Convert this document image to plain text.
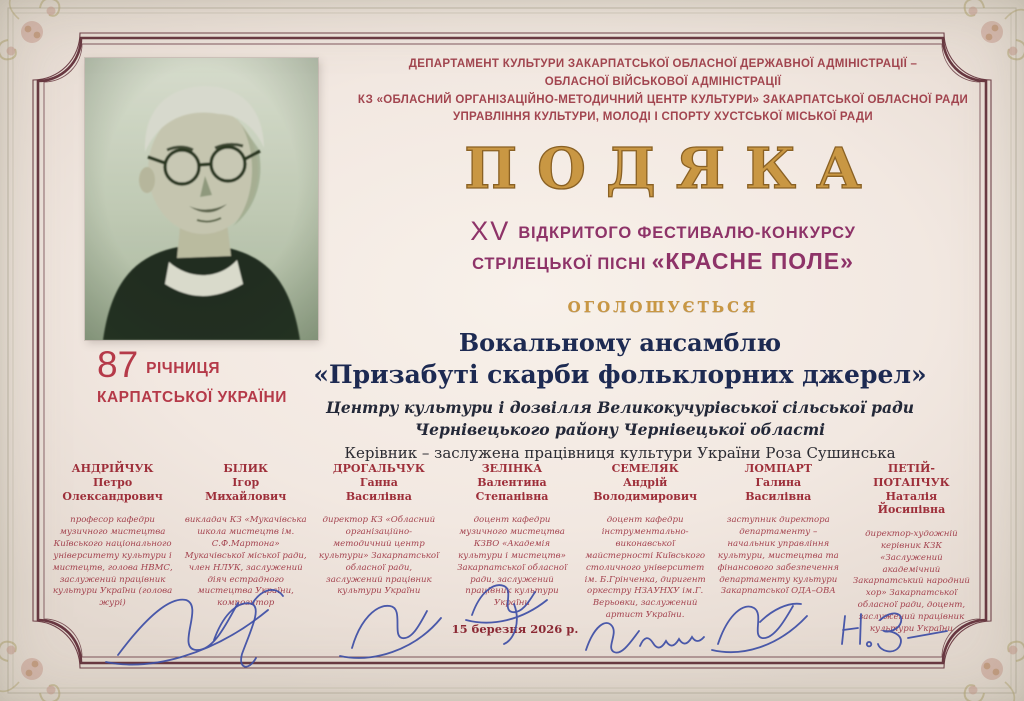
ДЕПАРТАМЕНТ КУЛЬТУРИ ЗАКАРПАТСЬКОЇ ОБЛАСНОЇ ДЕРЖАВНОЇ АДМІНІСТРАЦІЇ –
ОБЛАСНОЇ ВІЙСЬКОВОЇ АДМІНІСТРАЦІЇ
КЗ «ОБЛАСНИЙ ОРГАНІЗАЦІЙНО-МЕТОДИЧНИЙ ЦЕНТР КУЛЬТУРИ» ЗАКАРПАТСЬКОЇ ОБЛАСНОЇ РАДИ
УПРАВЛІННЯ КУЛЬТУРИ, МОЛОДІ І СПОРТУ ХУСТСЬКОЇ МІСЬКОЇ РАДИ
ПОДЯКА
XV ВІДКРИТОГО ФЕСТИВАЛЮ-КОНКУРСУ
СТРІЛЕЦЬКОЇ ПІСНІ «КРАСНЕ ПОЛЕ»
ОГОЛОШУЄТЬСЯ
Вокальному ансамблю
«Призабуті скарби фольклорних джерел»
Центру культури і дозвілля Великокучурівської сільської ради
Чернівецького району Чернівецької області
Керівник – заслужена працівниця культури України Роза Сушинська
87 РІЧНИЦЯ
КАРПАТСЬКОЇ УКРАЇНИ
АНДРІЙЧУК
Петро
Олександрович
професор кафедри музичного мистецтва Київського національного університету культури і мистецтв, голова НВМС, заслужений працівник культури України (голова журі)
БІЛИК
Ігор
Михайлович
викладач КЗ «Мукачівська школа мистецтв ім. С.Ф.Мартона» Мукачівської міської ради, член НЛУК, заслужений діяч естрадного мистецтва України, композитор
ДРОГАЛЬЧУК
Ганна
Василівна
директор КЗ «Обласний організаційно-методичний центр культури» Закарпатської обласної ради, заслужений працівник культури України
ЗЕЛІНКА
Валентина
Степанівна
доцент кафедри музичного мистецтва КЗВО «Академія культури і мистецтв» Закарпатської обласної ради, заслужений працівник культури України
СЕМЕЛЯК
Андрій
Володимирович
доцент кафедри інструментально-виконавської майстерності Київського столичного університет ім. Б.Грінченка, диригент оркестру НЗАУНХУ ім.Г. Верьовки, заслужений артист України.
ЛОМПАРТ
Галина
Василівна
заступник директора департаменту – начальник управління культури, мистецтва та фінансового забезпечення департаменту культури Закарпатської ОДА–ОВА
ПЕТІЙ-ПОТАПЧУК
Наталія
Йосипівна
директор-художній керівник КЗК «Заслужений академічний Закарпатський народний хор» Закарпатської обласної ради, доцент, заслужений працівник культури України
15 березня 2026 р.
